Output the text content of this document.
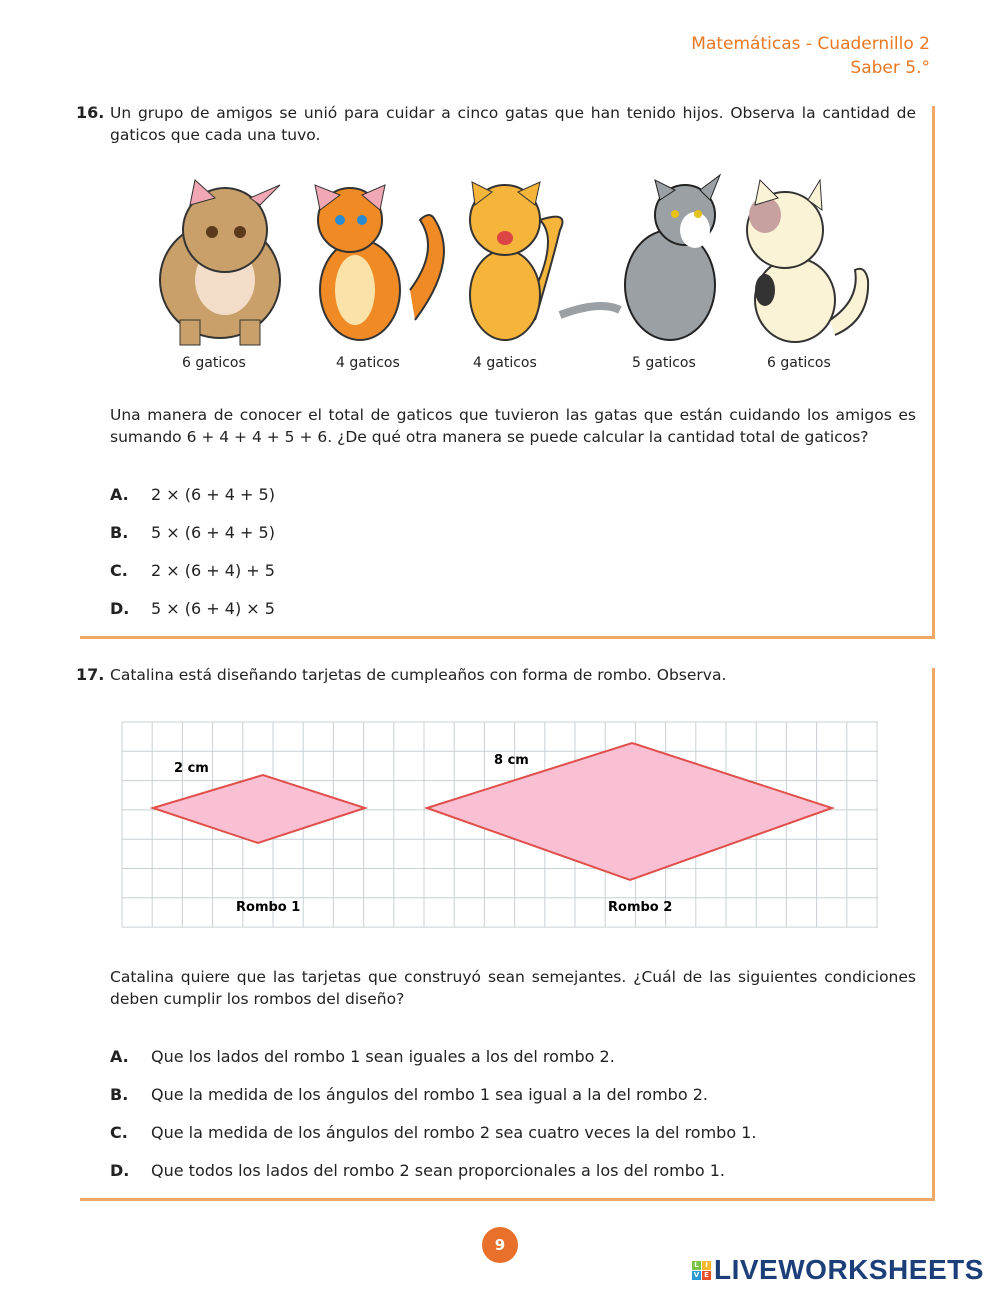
Matemáticas - Cuadernillo 2
Saber 5.°
16. Un grupo de amigos se unió para cuidar a cinco gatas que han tenido hijos. Observa la cantidad de gaticos que cada una tuvo.
6 gaticos	4 gaticos	4 gaticos	5 gaticos	6 gaticos
Una manera de conocer el total de gaticos que tuvieron las gatas que están cuidando los amigos es sumando 6 + 4 + 4 + 5 + 6. ¿De qué otra manera se puede calcular la cantidad total de gaticos?
A. 2 × (6 + 4 + 5)
B. 5 × (6 + 4 + 5)
C. 2 × (6 + 4) + 5
D. 5 × (6 + 4) × 5
17. Catalina está diseñando tarjetas de cumpleaños con forma de rombo. Observa.
2 cm
8 cm
Rombo 1	Rombo 2
Catalina quiere que las tarjetas que construyó sean semejantes. ¿Cuál de las siguientes condiciones deben cumplir los rombos del diseño?
A. Que los lados del rombo 1 sean iguales a los del rombo 2.
B. Que la medida de los ángulos del rombo 1 sea igual a la del rombo 2.
C. Que la medida de los ángulos del rombo 2 sea cuatro veces la del rombo 1.
D. Que todos los lados del rombo 2 sean proporcionales a los del rombo 1.
9
L I
V E LIVEWORKSHEETS
